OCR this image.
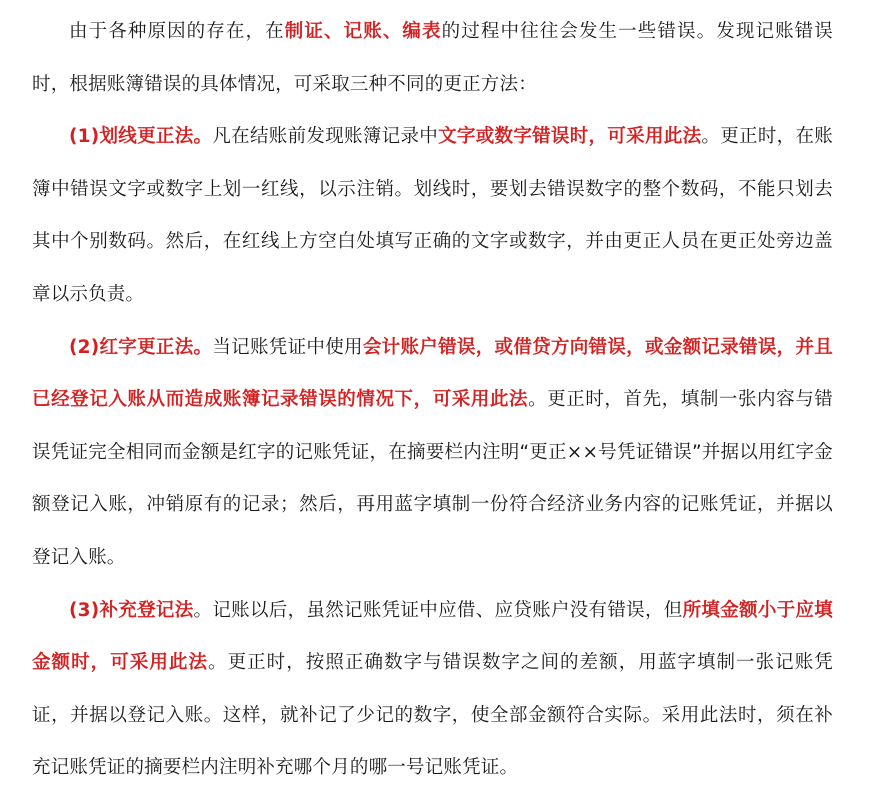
由于各种原因的存在，在制证、记账、编表的过程中往往会发生一些错误。发现记账错误时，根据账簿错误的具体情况，可采取三种不同的更正方法：

(1)划线更正法。凡在结账前发现账簿记录中文字或数字错误时，可采用此法。更正时，在账簿中错误文字或数字上划一红线，以示注销。划线时，要划去错误数字的整个数码，不能只划去其中个别数码。然后，在红线上方空白处填写正确的文字或数字，并由更正人员在更正处旁边盖章以示负责。

(2)红字更正法。当记账凭证中使用会计账户错误，或借贷方向错误，或金额记录错误，并且已经登记入账从而造成账簿记录错误的情况下，可采用此法。更正时，首先，填制一张内容与错误凭证完全相同而金额是红字的记账凭证，在摘要栏内注明“更正××号凭证错误”并据以用红字金额登记入账，冲销原有的记录；然后，再用蓝字填制一份符合经济业务内容的记账凭证，并据以登记入账。

(3)补充登记法。记账以后，虽然记账凭证中应借、应贷账户没有错误，但所填金额小于应填金额时，可采用此法。更正时，按照正确数字与错误数字之间的差额，用蓝字填制一张记账凭证，并据以登记入账。这样，就补记了少记的数字，使全部金额符合实际。采用此法时，须在补充记账凭证的摘要栏内注明补充哪个月的哪一号记账凭证。
